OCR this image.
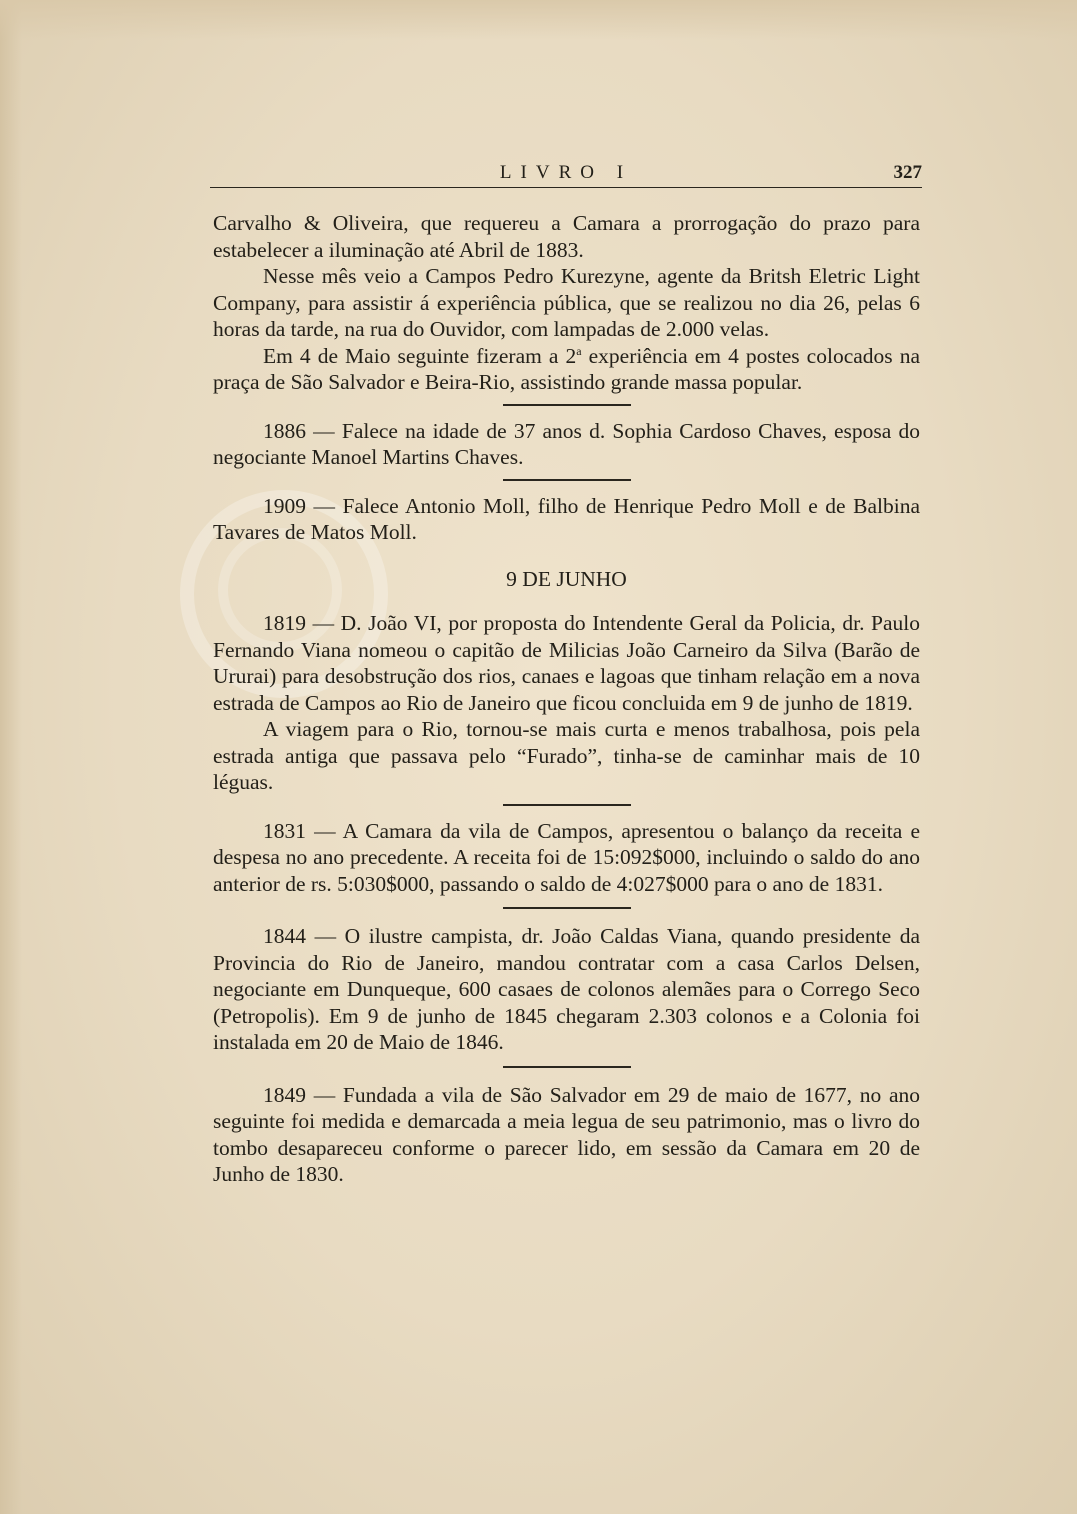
LIVRO I	327

Carvalho & Oliveira, que requereu a Camara a prorrogação do prazo para estabelecer a iluminação até Abril de 1883.

Nesse mês veio a Campos Pedro Kurezyne, agente da Britsh Eletric Light Company, para assistir á experiência pública, que se realizou no dia 26, pelas 6 horas da tarde, na rua do Ouvidor, com lampadas de 2.000 velas.

Em 4 de Maio seguinte fizeram a 2$^a$ experiência em 4 postes colocados na praça de São Salvador e Beira-Rio, assistindo grande massa popular.

1886 — Falece na idade de 37 anos d. Sophia Cardoso Chaves, esposa do negociante Manoel Martins Chaves.

1909 — Falece Antonio Moll, filho de Henrique Pedro Moll e de Balbina Tavares de Matos Moll.

9 DE JUNHO

1819 — D. João VI, por proposta do Intendente Geral da Policia, dr. Paulo Fernando Viana nomeou o capitão de Milicias João Carneiro da Silva (Barão de Ururai) para desobstrução dos rios, canaes e lagoas que tinham relação em a nova estrada de Campos ao Rio de Janeiro que ficou concluida em 9 de junho de 1819.

A viagem para o Rio, tornou-se mais curta e menos trabalhosa, pois pela estrada antiga que passava pelo “Furado”, tinha-se de caminhar mais de 10 léguas.

1831 — A Camara da vila de Campos, apresentou o balanço da receita e despesa no ano precedente. A receita foi de 15:092$000, incluindo o saldo do ano anterior de rs. 5:030$000, passando o saldo de 4:027$000 para o ano de 1831.

1844 — O ilustre campista, dr. João Caldas Viana, quando presidente da Provincia do Rio de Janeiro, mandou contratar com a casa Carlos Delsen, negociante em Dunqueque, 600 casaes de colonos alemães para o Corrego Seco (Petropolis). Em 9 de junho de 1845 chegaram 2.303 colonos e a Colonia foi instalada em 20 de Maio de 1846.

1849 — Fundada a vila de São Salvador em 29 de maio de 1677, no ano seguinte foi medida e demarcada a meia legua de seu patrimonio, mas o livro do tombo desapareceu conforme o parecer lido, em sessão da Camara em 20 de Junho de 1830.
